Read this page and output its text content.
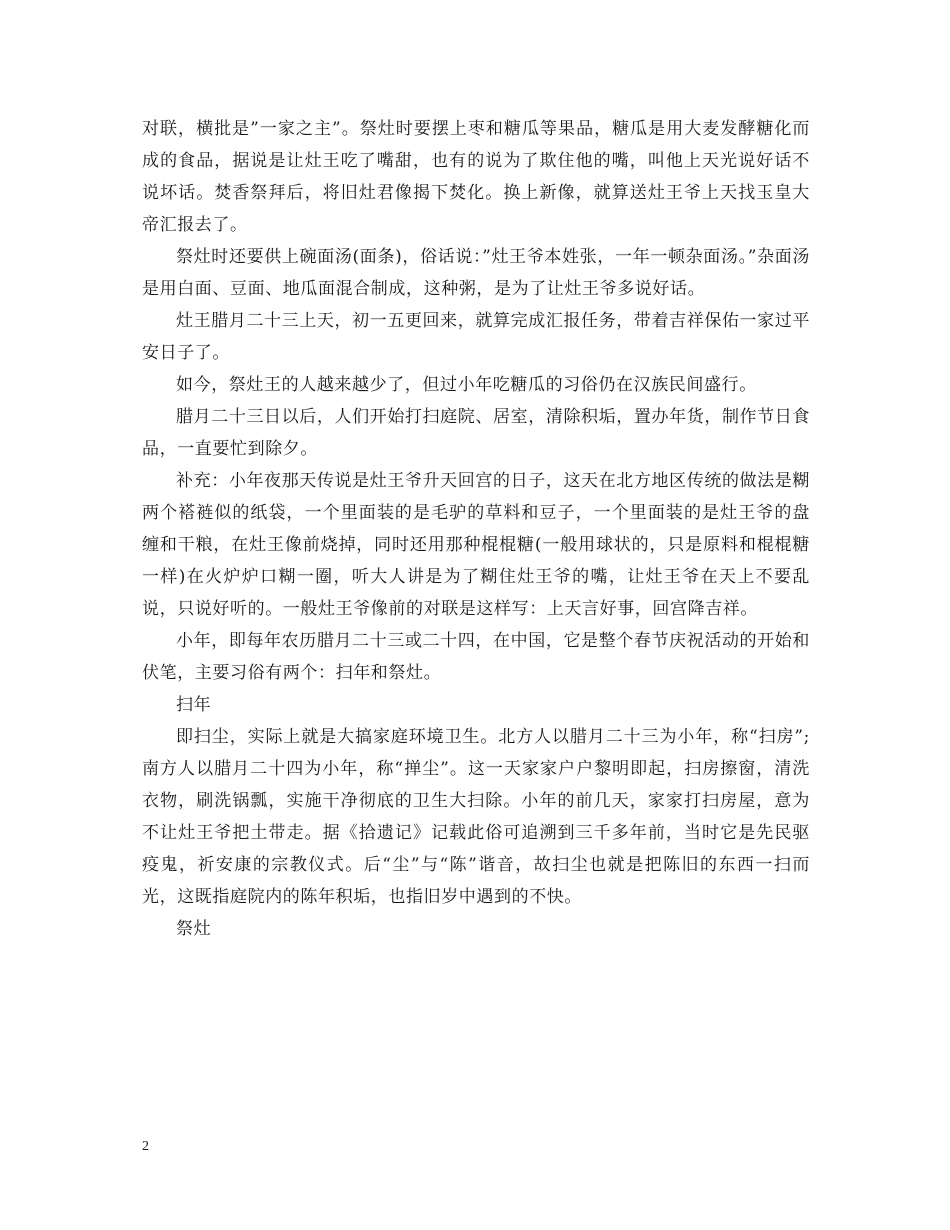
对联，横批是”一家之主”。祭灶时要摆上枣和糖瓜等果品，糖瓜是用大麦发酵糖化而成的食品，据说是让灶王吃了嘴甜，也有的说为了欺住他的嘴，叫他上天光说好话不说坏话。焚香祭拜后，将旧灶君像揭下焚化。换上新像，就算送灶王爷上天找玉皇大帝汇报去了。

祭灶时还要供上碗面汤(面条)，俗话说：”灶王爷本姓张，一年一顿杂面汤。”杂面汤是用白面、豆面、地瓜面混合制成，这种粥，是为了让灶王爷多说好话。

灶王腊月二十三上天，初一五更回来，就算完成汇报任务，带着吉祥保佑一家过平安日子了。

如今，祭灶王的人越来越少了，但过小年吃糖瓜的习俗仍在汉族民间盛行。

腊月二十三日以后，人们开始打扫庭院、居室，清除积垢，置办年货，制作节日食品，一直要忙到除夕。

补充：小年夜那天传说是灶王爷升天回宫的日子，这天在北方地区传统的做法是糊两个褡裢似的纸袋，一个里面装的是毛驴的草料和豆子，一个里面装的是灶王爷的盘缠和干粮，在灶王像前烧掉，同时还用那种棍棍糖(一般用球状的，只是原料和棍棍糖一样)在火炉炉口糊一圈，听大人讲是为了糊住灶王爷的嘴，让灶王爷在天上不要乱说，只说好听的。一般灶王爷像前的对联是这样写：上天言好事，回宫降吉祥。

小年，即每年农历腊月二十三或二十四，在中国，它是整个春节庆祝活动的开始和伏笔，主要习俗有两个：扫年和祭灶。

扫年

即扫尘，实际上就是大搞家庭环境卫生。北方人以腊月二十三为小年，称“扫房”;南方人以腊月二十四为小年，称“掸尘”。这一天家家户户黎明即起，扫房擦窗，清洗衣物，刷洗锅瓢，实施干净彻底的卫生大扫除。小年的前几天，家家打扫房屋，意为不让灶王爷把土带走。据《拾遗记》记载此俗可追溯到三千多年前，当时它是先民驱疫鬼，祈安康的宗教仪式。后“尘”与“陈”谐音，故扫尘也就是把陈旧的东西一扫而光，这既指庭院内的陈年积垢，也指旧岁中遇到的不快。

祭灶

2
